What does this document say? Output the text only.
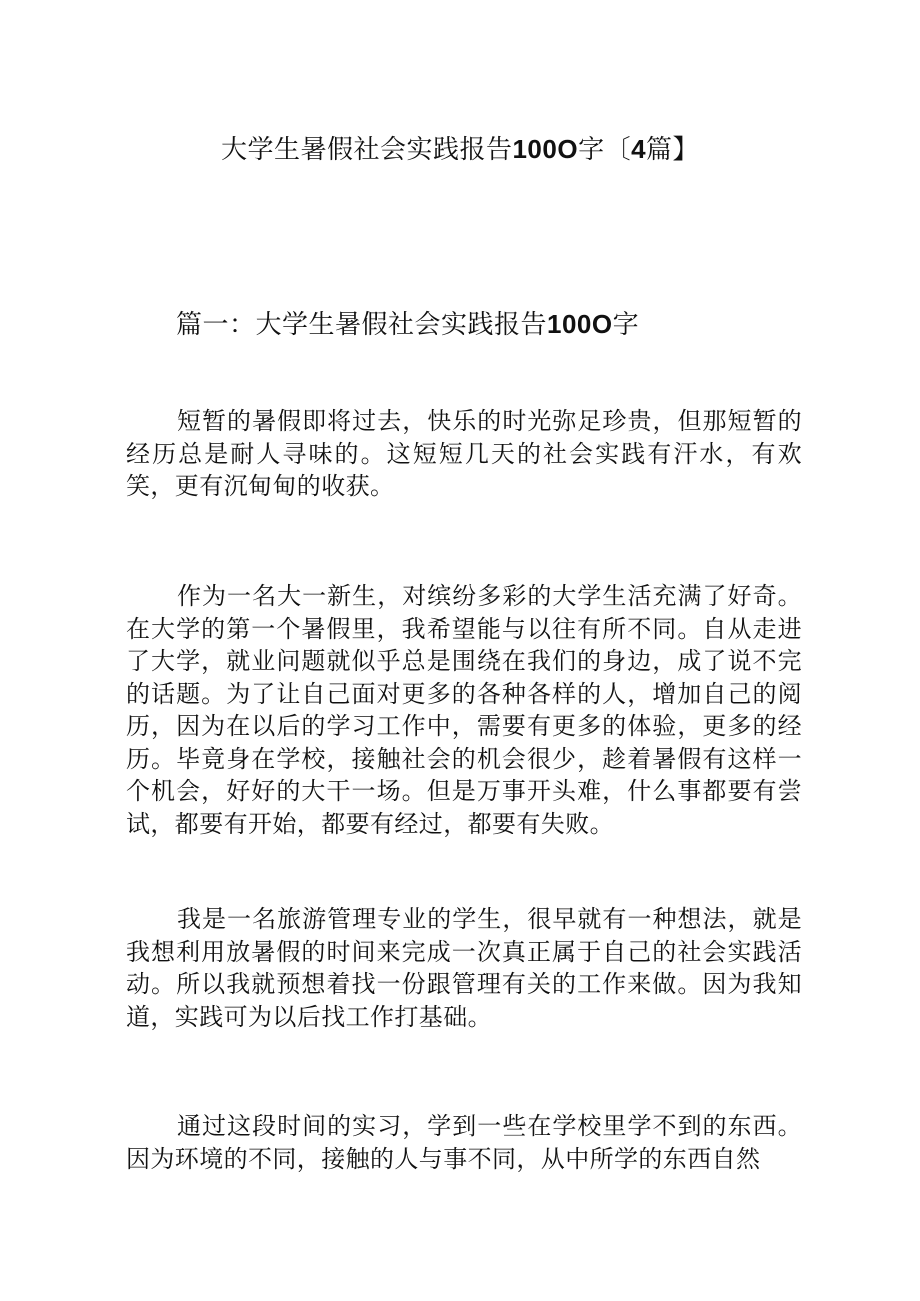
大学生暑假社会实践报告100O字〔4篇】
篇一：大学生暑假社会实践报告100O字

短暂的暑假即将过去，快乐的时光弥足珍贵，但那短暂的经历总是耐人寻味的。这短短几天的社会实践有汗水，有欢笑，更有沉甸甸的收获。

作为一名大一新生，对缤纷多彩的大学生活充满了好奇。在大学的第一个暑假里，我希望能与以往有所不同。自从走进了大学，就业问题就似乎总是围绕在我们的身边，成了说不完的话题。为了让自己面对更多的各种各样的人，增加自己的阅历，因为在以后的学习工作中，需要有更多的体验，更多的经历。毕竟身在学校，接触社会的机会很少，趁着暑假有这样一个机会，好好的大干一场。但是万事开头难，什么事都要有尝试，都要有开始，都要有经过，都要有失败。

我是一名旅游管理专业的学生，很早就有一种想法，就是我想利用放暑假的时间来完成一次真正属于自己的社会实践活动。所以我就预想着找一份跟管理有关的工作来做。因为我知道，实践可为以后找工作打基础。

通过这段时间的实习，学到一些在学校里学不到的东西。因为环境的不同，接触的人与事不同，从中所学的东西自然
